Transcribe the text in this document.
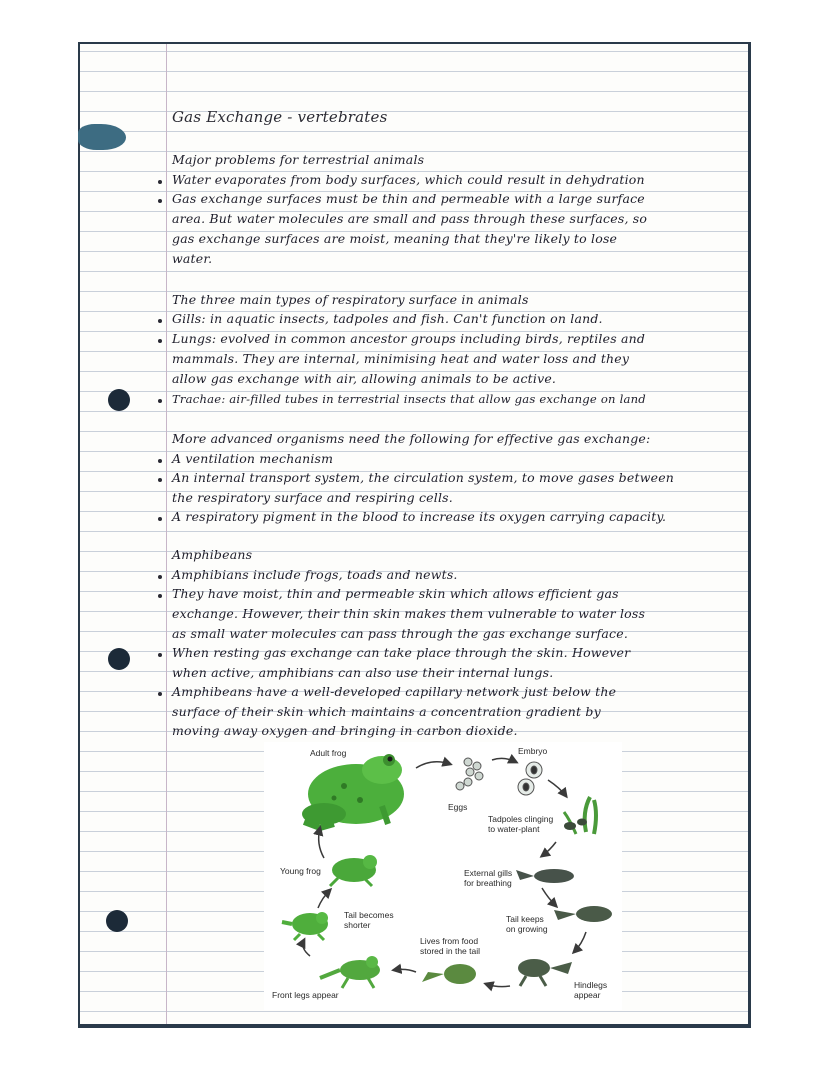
Gas Exchange - vertebrates
Major problems for terrestrial animals
Water evaporates from body surfaces, which could result in dehydration
Gas exchange surfaces must be thin and permeable with a large surface
area. But water molecules are small and pass through these surfaces, so
gas exchange surfaces are moist, meaning that they're likely to lose
water.
The three main types of respiratory surface in animals
Gills: in aquatic insects, tadpoles and fish. Can't function on land.
Lungs: evolved in common ancestor groups including birds, reptiles and
mammals. They are internal, minimising heat and water loss and they
allow gas exchange with air, allowing animals to be active.
Trachae: air-filled tubes in terrestrial insects that allow gas exchange on land
More advanced organisms need the following for effective gas exchange:
A ventilation mechanism
An internal transport system, the circulation system, to move gases between
the respiratory surface and respiring cells.
A respiratory pigment in the blood to increase its oxygen carrying capacity.
Amphibeans
Amphibians include frogs, toads and newts.
They have moist, thin and permeable skin which allows efficient gas
exchange. However, their thin skin makes them vulnerable to water loss
as small water molecules can pass through the gas exchange surface.
When resting gas exchange can take place through the skin. However
when active, amphibians can also use their internal lungs.
Amphibeans have a well-developed capillary network just below the
surface of their skin which maintains a concentration gradient by
moving away oxygen and bringing in carbon dioxide.
Adult frog
Eggs
Embryo
Tadpoles clinging
to water-plant
External gills
for breathing
Tail keeps
on growing
Hindlegs
appear
Lives from food
stored in the tail
Front legs appear
Tail becomes
shorter
Young frog
